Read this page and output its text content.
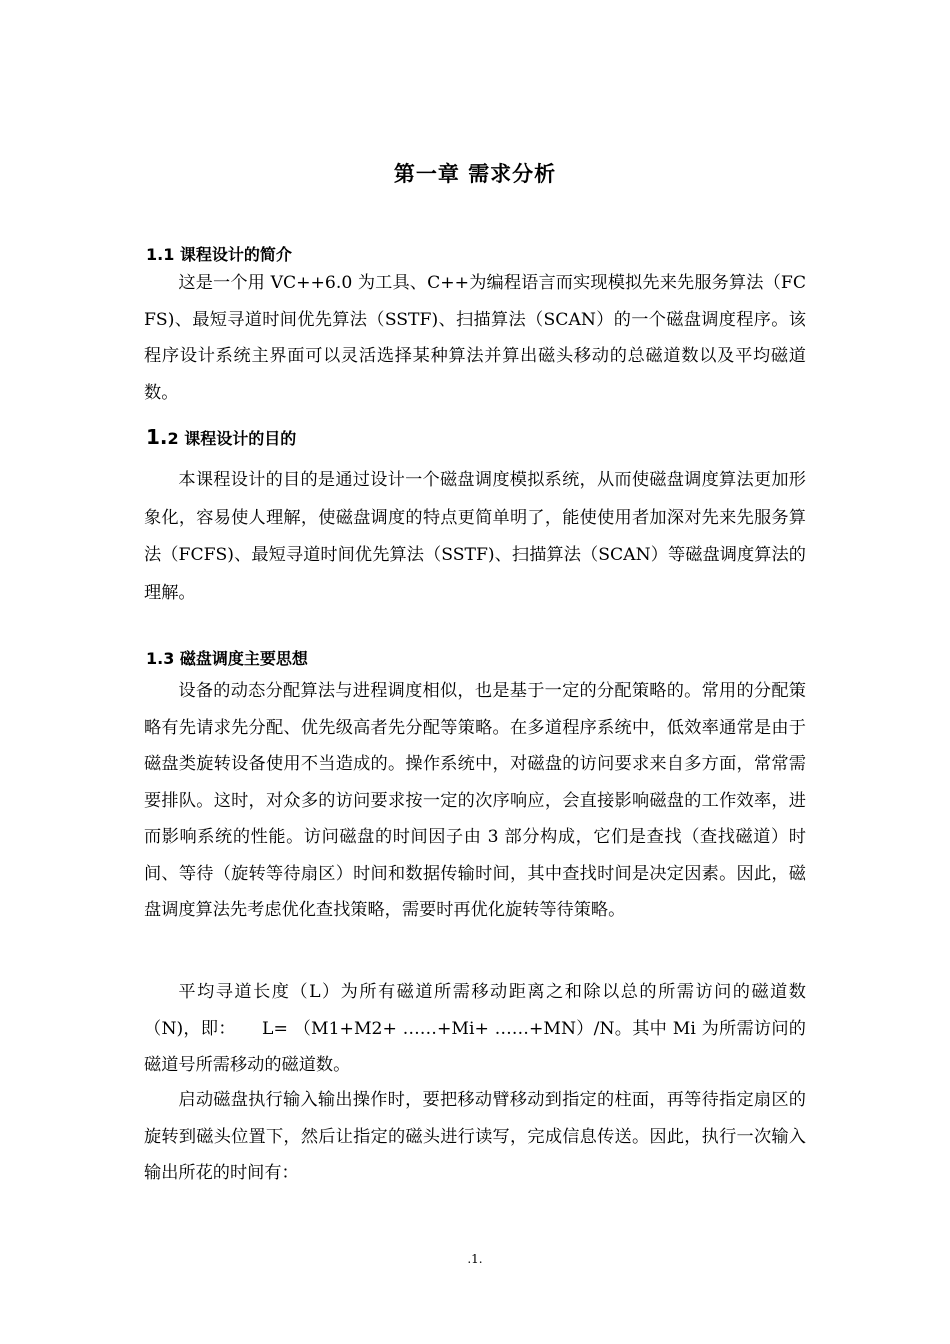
第一章 需求分析
1.1 课程设计的简介

这是一个用 VC++6.0 为工具、C++为编程语言而实现模拟先来先服务算法（FCFS)、最短寻道时间优先算法（SSTF)、扫描算法（SCAN）的一个磁盘调度程序。该程序设计系统主界面可以灵活选择某种算法并算出磁头移动的总磁道数以及平均磁道数。

1.2 课程设计的目的

本课程设计的目的是通过设计一个磁盘调度模拟系统，从而使磁盘调度算法更加形象化，容易使人理解，使磁盘调度的特点更简单明了，能使使用者加深对先来先服务算法（FCFS)、最短寻道时间优先算法（SSTF)、扫描算法（SCAN）等磁盘调度算法的理解。

1.3 磁盘调度主要思想

设备的动态分配算法与进程调度相似，也是基于一定的分配策略的。常用的分配策略有先请求先分配、优先级高者先分配等策略。在多道程序系统中，低效率通常是由于磁盘类旋转设备使用不当造成的。操作系统中，对磁盘的访问要求来自多方面，常常需要排队。这时，对众多的访问要求按一定的次序响应，会直接影响磁盘的工作效率，进而影响系统的性能。访问磁盘的时间因子由 3 部分构成，它们是查找（查找磁道）时间、等待（旋转等待扇区）时间和数据传输时间，其中查找时间是决定因素。因此，磁盘调度算法先考虑优化查找策略，需要时再优化旋转等待策略。

平均寻道长度（L）为所有磁道所需移动距离之和除以总的所需访问的磁道数（N)，即：　　L= （M1+M2+ ……+Mi+ ……+MN）/N。其中 Mi 为所需访问的磁道号所需移动的磁道数。

启动磁盘执行输入输出操作时，要把移动臂移动到指定的柱面，再等待指定扇区的旋转到磁头位置下，然后让指定的磁头进行读写，完成信息传送。因此，执行一次输入输出所花的时间有：

.1.
